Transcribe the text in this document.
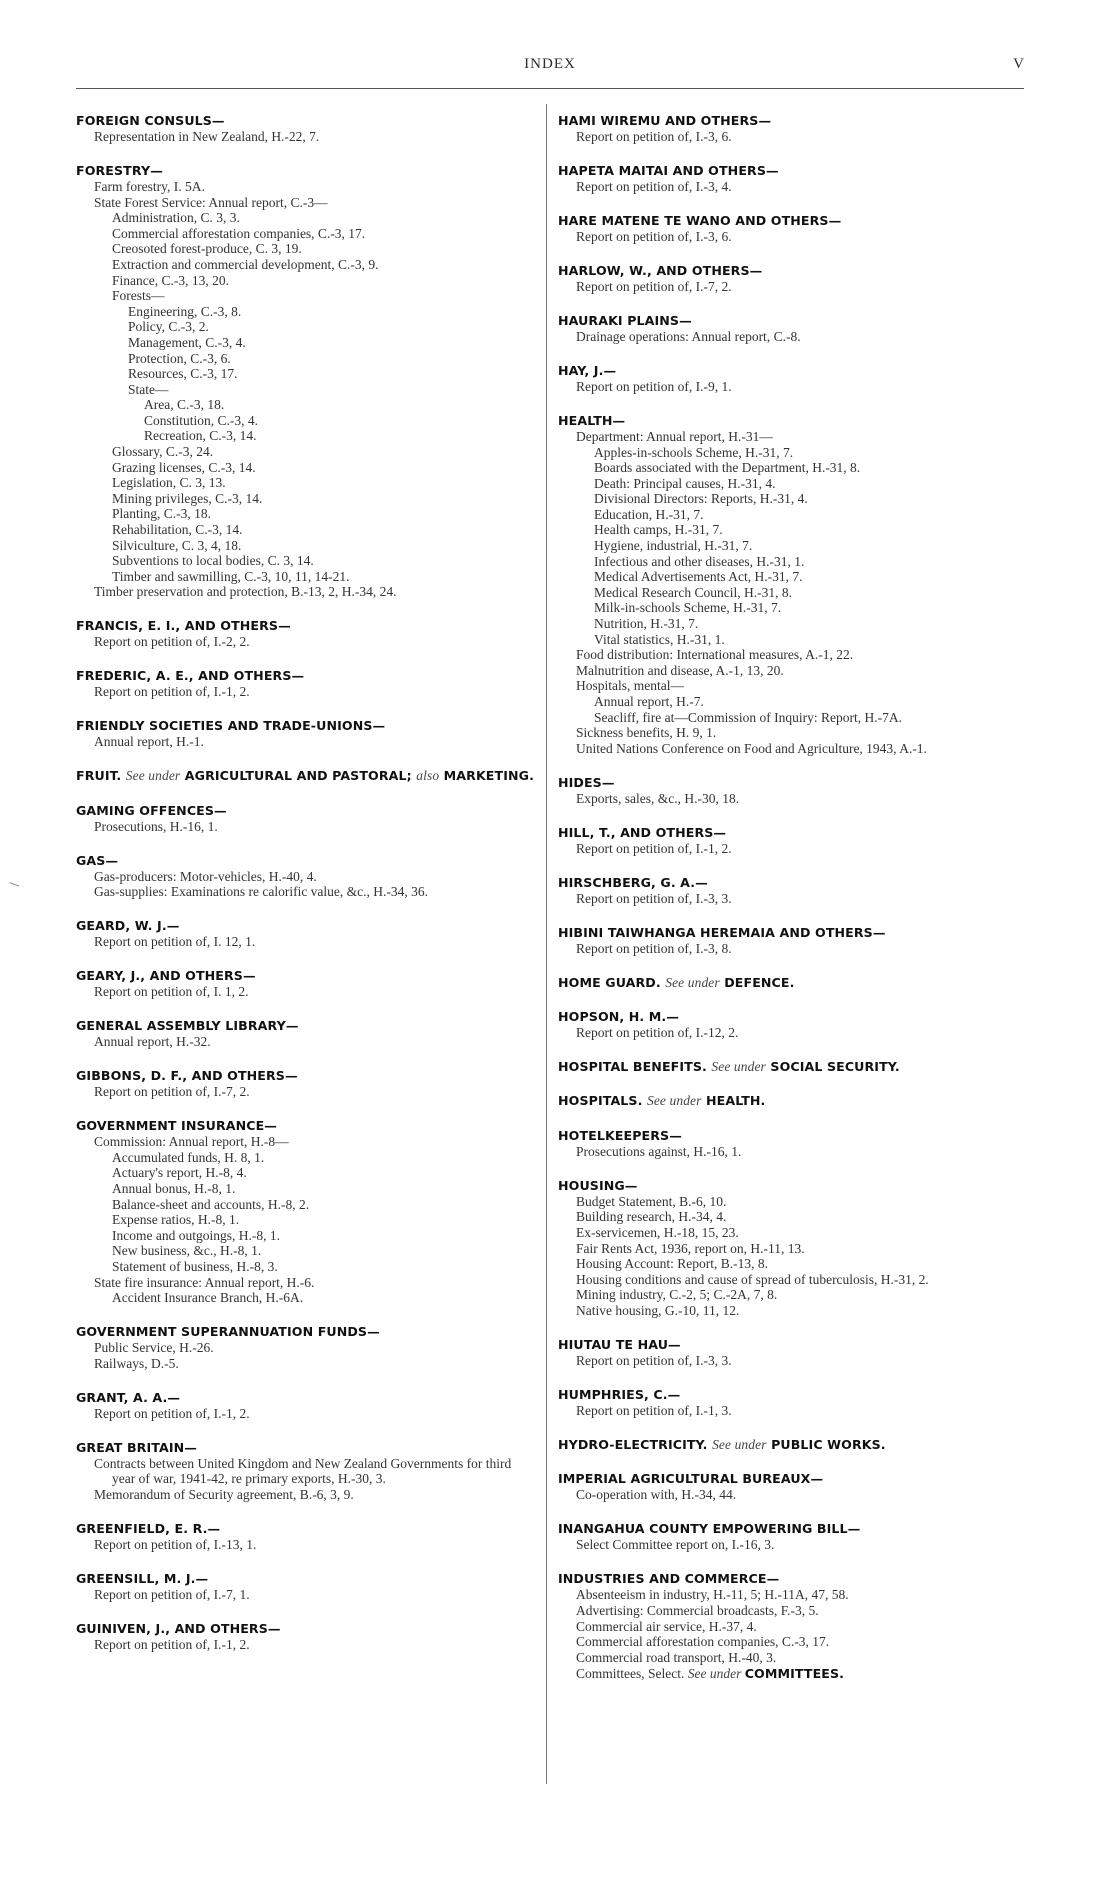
INDEX	V
FOREIGN CONSULS—
Representation in New Zealand, H.-22, 7.
FORESTRY—
Farm forestry, I. 5A.
State Forest Service: Annual report, C.-3—
Administration, C. 3, 3.
Commercial afforestation companies, C.-3, 17.
Creosoted forest-produce, C. 3, 19.
Extraction and commercial development, C.-3, 9.
Finance, C.-3, 13, 20.
Forests—
Engineering, C.-3, 8.
Policy, C.-3, 2.
Management, C.-3, 4.
Protection, C.-3, 6.
Resources, C.-3, 17.
State—
Area, C.-3, 18.
Constitution, C.-3, 4.
Recreation, C.-3, 14.
Glossary, C.-3, 24.
Grazing licenses, C.-3, 14.
Legislation, C. 3, 13.
Mining privileges, C.-3, 14.
Planting, C.-3, 18.
Rehabilitation, C.-3, 14.
Silviculture, C. 3, 4, 18.
Subventions to local bodies, C. 3, 14.
Timber and sawmilling, C.-3, 10, 11, 14-21.
Timber preservation and protection, B.-13, 2, H.-34, 24.
FRANCIS, E. I., AND OTHERS—
Report on petition of, I.-2, 2.
FREDERIC, A. E., AND OTHERS—
Report on petition of, I.-1, 2.
FRIENDLY SOCIETIES AND TRADE-UNIONS—
Annual report, H.-1.
FRUIT. See under AGRICULTURAL AND PASTORAL; also MARKETING.
GAMING OFFENCES—
Prosecutions, H.-16, 1.
GAS—
Gas-producers: Motor-vehicles, H.-40, 4.
Gas-supplies: Examinations re calorific value, &c., H.-34, 36.
GEARD, W. J.—
Report on petition of, I. 12, 1.
GEARY, J., AND OTHERS—
Report on petition of, I. 1, 2.
GENERAL ASSEMBLY LIBRARY—
Annual report, H.-32.
GIBBONS, D. F., AND OTHERS—
Report on petition of, I.-7, 2.
GOVERNMENT INSURANCE—
Commission: Annual report, H.-8—
Accumulated funds, H. 8, 1.
Actuary's report, H.-8, 4.
Annual bonus, H.-8, 1.
Balance-sheet and accounts, H.-8, 2.
Expense ratios, H.-8, 1.
Income and outgoings, H.-8, 1.
New business, &c., H.-8, 1.
Statement of business, H.-8, 3.
State fire insurance: Annual report, H.-6.
Accident Insurance Branch, H.-6A.
GOVERNMENT SUPERANNUATION FUNDS—
Public Service, H.-26.
Railways, D.-5.
GRANT, A. A.—
Report on petition of, I.-1, 2.
GREAT BRITAIN—
Contracts between United Kingdom and New Zealand Governments for third year of war, 1941-42, re primary exports, H.-30, 3.
Memorandum of Security agreement, B.-6, 3, 9.
GREENFIELD, E. R.—
Report on petition of, I.-13, 1.
GREENSILL, M. J.—
Report on petition of, I.-7, 1.
GUINIVEN, J., AND OTHERS—
Report on petition of, I.-1, 2.
HAMI WIREMU AND OTHERS—
Report on petition of, I.-3, 6.
HAPETA MAITAI AND OTHERS—
Report on petition of, I.-3, 4.
HARE MATENE TE WANO AND OTHERS—
Report on petition of, I.-3, 6.
HARLOW, W., AND OTHERS—
Report on petition of, I.-7, 2.
HAURAKI PLAINS—
Drainage operations: Annual report, C.-8.
HAY, J.—
Report on petition of, I.-9, 1.
HEALTH—
Department: Annual report, H.-31—
Apples-in-schools Scheme, H.-31, 7.
Boards associated with the Department, H.-31, 8.
Death: Principal causes, H.-31, 4.
Divisional Directors: Reports, H.-31, 4.
Education, H.-31, 7.
Health camps, H.-31, 7.
Hygiene, industrial, H.-31, 7.
Infectious and other diseases, H.-31, 1.
Medical Advertisements Act, H.-31, 7.
Medical Research Council, H.-31, 8.
Milk-in-schools Scheme, H.-31, 7.
Nutrition, H.-31, 7.
Vital statistics, H.-31, 1.
Food distribution: International measures, A.-1, 22.
Malnutrition and disease, A.-1, 13, 20.
Hospitals, mental—
Annual report, H.-7.
Seacliff, fire at—Commission of Inquiry: Report, H.-7A.
Sickness benefits, H. 9, 1.
United Nations Conference on Food and Agriculture, 1943, A.-1.
HIDES—
Exports, sales, &c., H.-30, 18.
HILL, T., AND OTHERS—
Report on petition of, I.-1, 2.
HIRSCHBERG, G. A.—
Report on petition of, I.-3, 3.
HIBINI TAIWHANGA HEREMAIA AND OTHERS—
Report on petition of, I.-3, 8.
HOME GUARD. See under DEFENCE.
HOPSON, H. M.—
Report on petition of, I.-12, 2.
HOSPITAL BENEFITS. See under SOCIAL SECURITY.
HOSPITALS. See under HEALTH.
HOTELKEEPERS—
Prosecutions against, H.-16, 1.
HOUSING—
Budget Statement, B.-6, 10.
Building research, H.-34, 4.
Ex-servicemen, H.-18, 15, 23.
Fair Rents Act, 1936, report on, H.-11, 13.
Housing Account: Report, B.-13, 8.
Housing conditions and cause of spread of tuberculosis, H.-31, 2.
Mining industry, C.-2, 5; C.-2A, 7, 8.
Native housing, G.-10, 11, 12.
HIUTAU TE HAU—
Report on petition of, I.-3, 3.
HUMPHRIES, C.—
Report on petition of, I.-1, 3.
HYDRO-ELECTRICITY. See under PUBLIC WORKS.
IMPERIAL AGRICULTURAL BUREAUX—
Co-operation with, H.-34, 44.
INANGAHUA COUNTY EMPOWERING BILL—
Select Committee report on, I.-16, 3.
INDUSTRIES AND COMMERCE—
Absenteeism in industry, H.-11, 5; H.-11A, 47, 58.
Advertising: Commercial broadcasts, F.-3, 5.
Commercial air service, H.-37, 4.
Commercial afforestation companies, C.-3, 17.
Commercial road transport, H.-40, 3.
Committees, Select. See under COMMITTEES.
